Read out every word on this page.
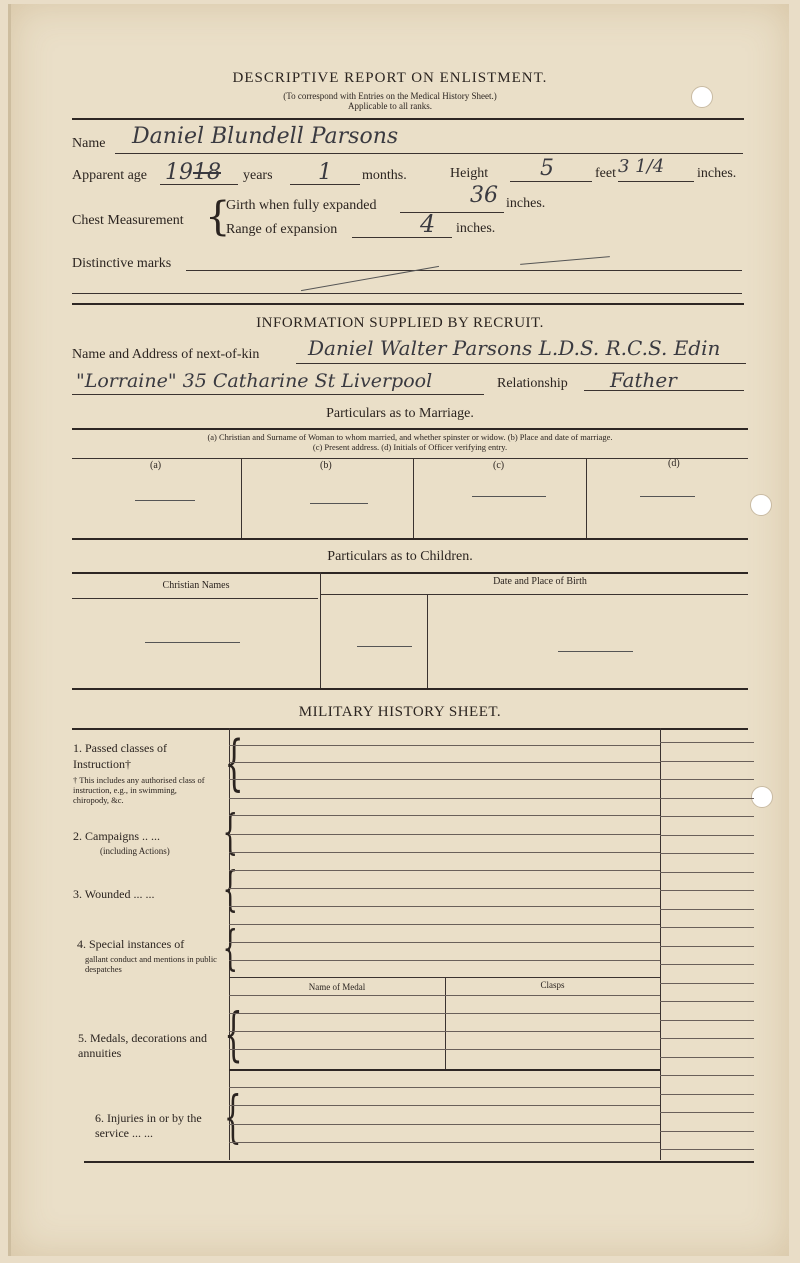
DESCRIPTIVE REPORT ON ENLISTMENT.
(To correspond with Entries on the Medical History Sheet.)
Applicable to all ranks.
Name Daniel Blundell Parsons
Apparent age 19 18 years 1 months.	Height 5	feet 3 1/4 inches.
Chest Measurement {
Girth when fully expanded	36 inches.
Range of expansion	4 inches.
Distinctive marks
INFORMATION SUPPLIED BY RECRUIT.
Name and Address of next-of-kin Daniel Walter Parsons L.D.S. R.C.S. Edin
"Lorraine" 35 Catharine St Liverpool	Relationship Father
Particulars as to Marriage.
(a) Christian and Surname of Woman to whom married, and whether spinster or widow. (b) Place and date of marriage.
(c) Present address. (d) Initials of Officer verifying entry.
(a)	(b)	(c)	(d)
Particulars as to Children.
Christian Names	Date and Place of Birth
MILITARY HISTORY SHEET.
1. Passed classes of Instruction†
† This includes any authorised class of instruction, e.g., in swimming, chiropody, &c.
2. Campaigns .. ...
(including Actions)
3. Wounded ... ...
4. Special instances of
gallant conduct and mentions in public despatches
5. Medals, decorations and annuities
6. Injuries in or by the service ... ...
{
{
{
{
{
{
Name of Medal	Clasps
